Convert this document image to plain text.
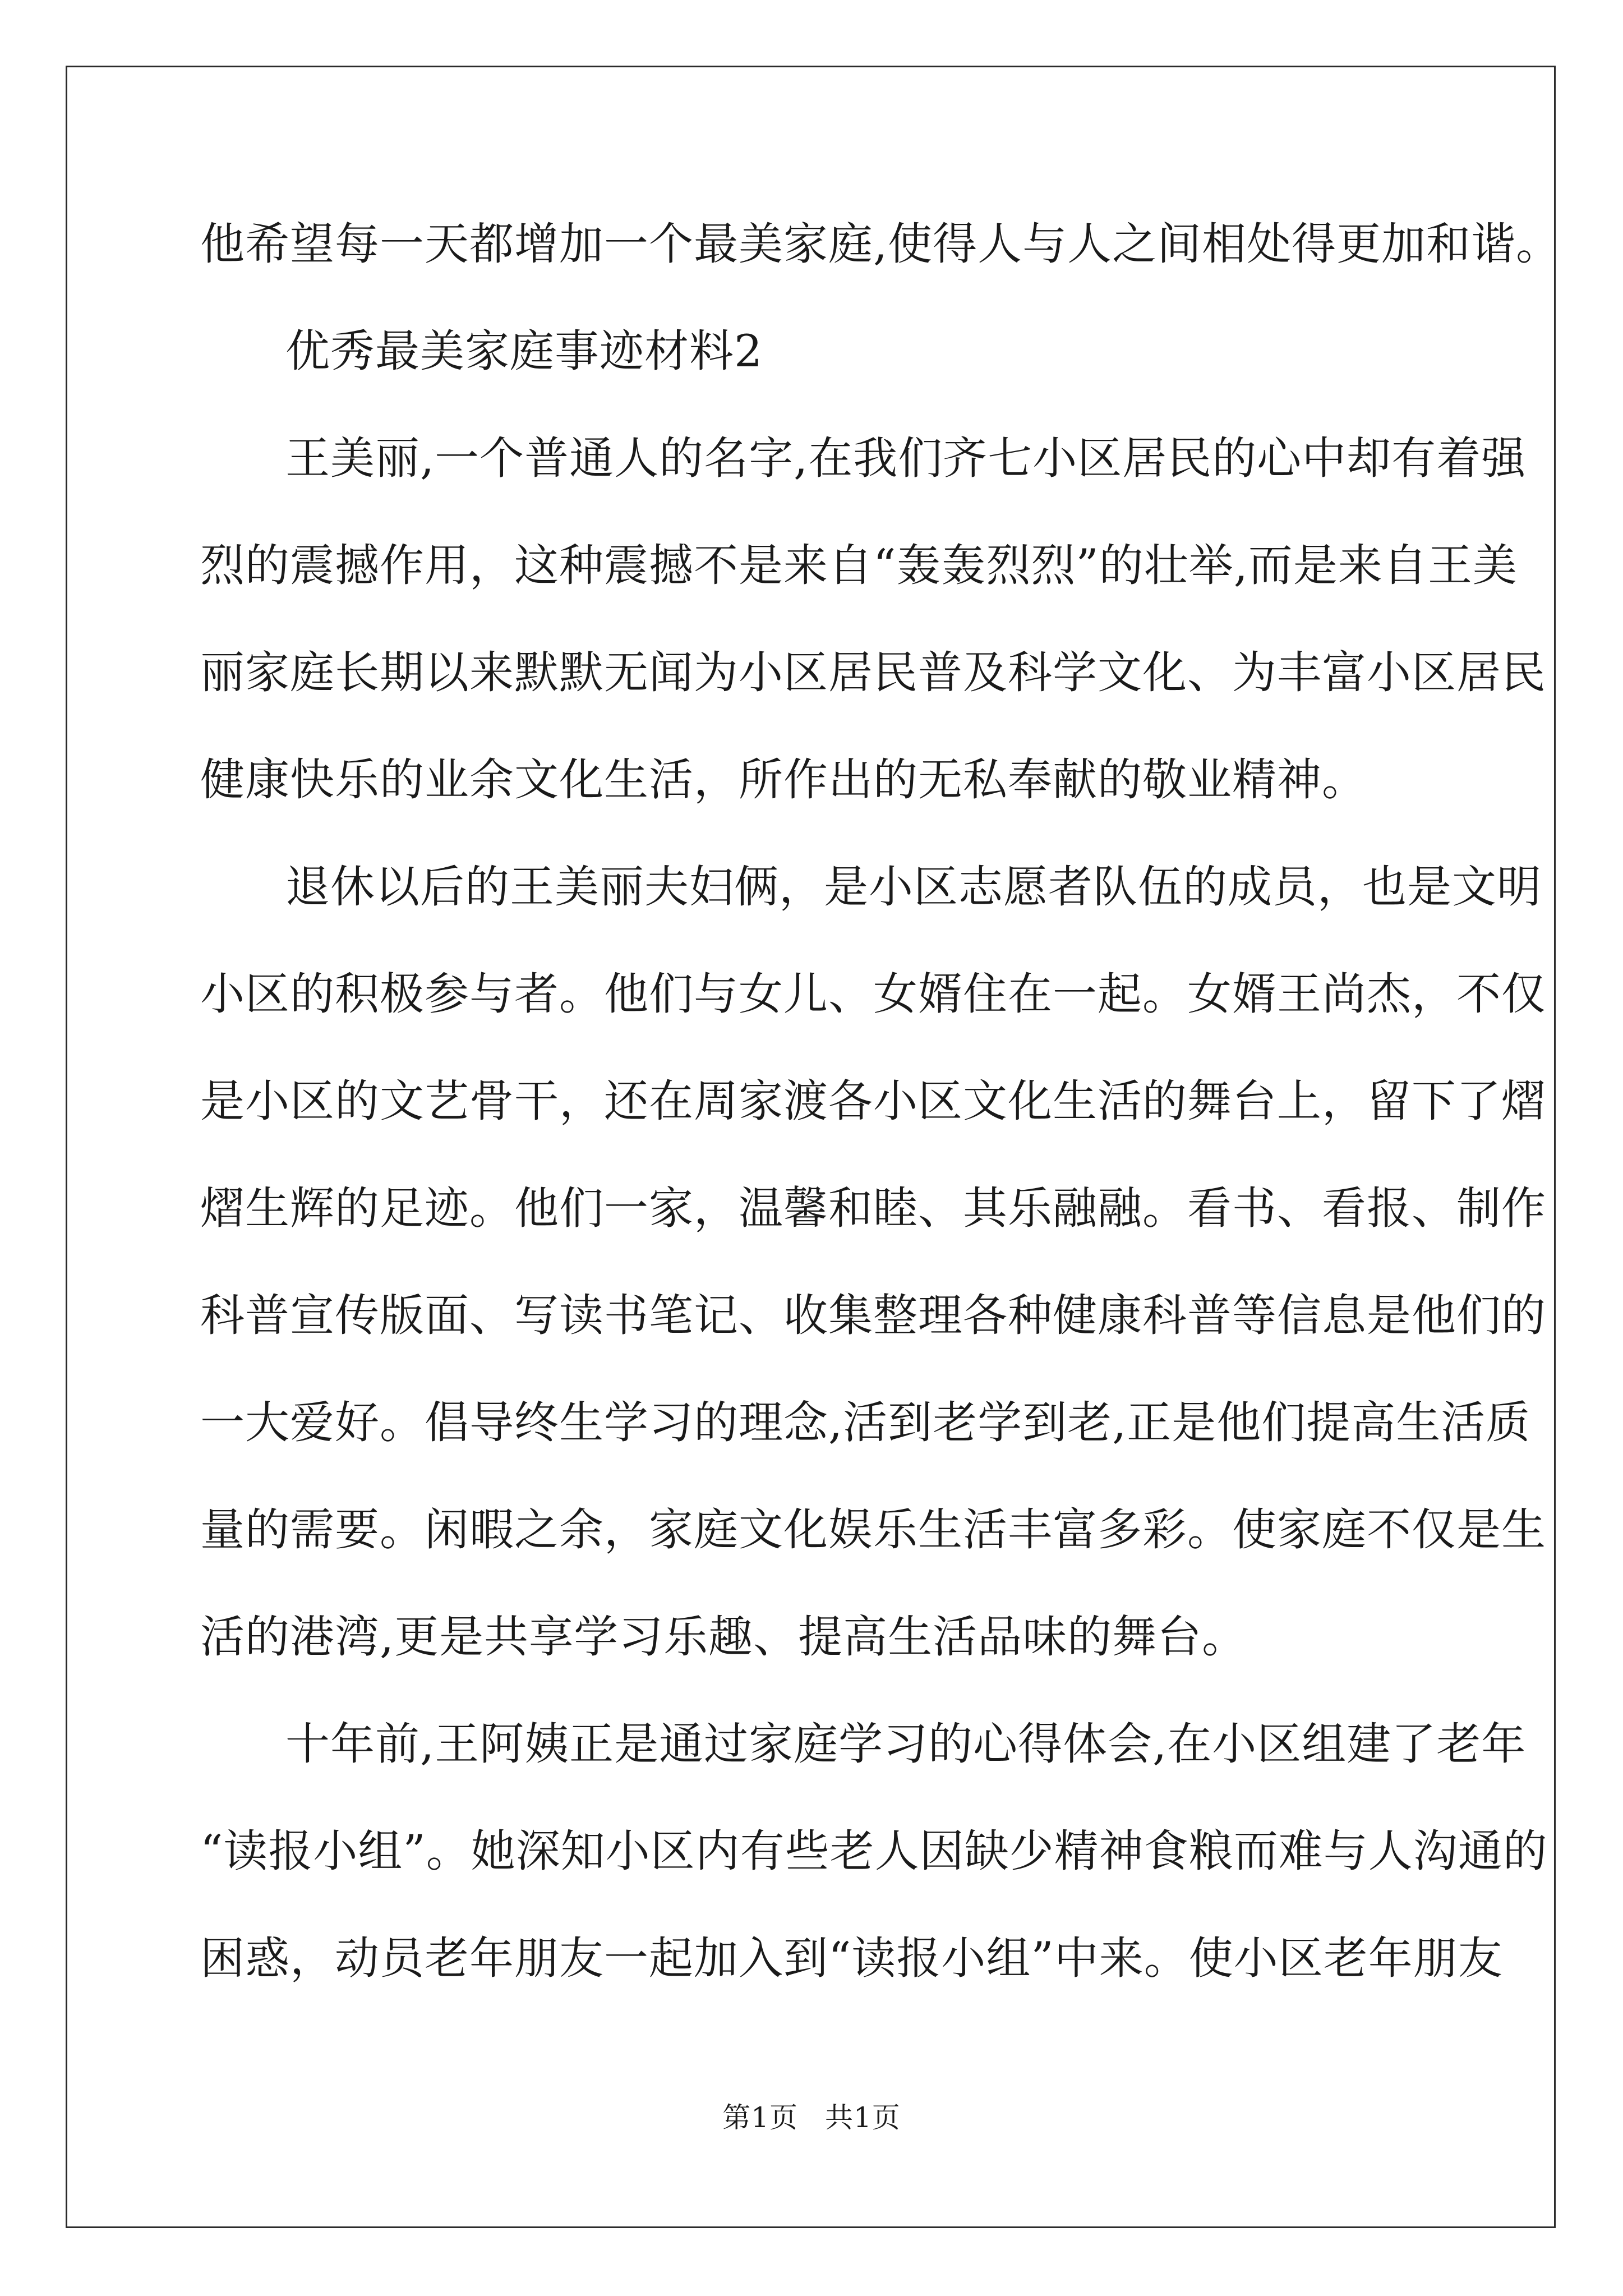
他希望每一天都增加一个最美家庭,使得人与人之间相处得更加和谐。
优秀最美家庭事迹材料2
王美丽,一个普通人的名字,在我们齐七小区居民的心中却有着强
烈的震撼作用，这种震撼不是来自“轰轰烈烈”的壮举,而是来自王美
丽家庭长期以来默默无闻为小区居民普及科学文化、为丰富小区居民
健康快乐的业余文化生活，所作出的无私奉献的敬业精神。
退休以后的王美丽夫妇俩，是小区志愿者队伍的成员，也是文明
小区的积极参与者。他们与女儿、女婿住在一起。女婿王尚杰，不仅
是小区的文艺骨干，还在周家渡各小区文化生活的舞台上，留下了熠
熠生辉的足迹。他们一家，温馨和睦、其乐融融。看书、看报、制作
科普宣传版面、写读书笔记、收集整理各种健康科普等信息是他们的
一大爱好。倡导终生学习的理念,活到老学到老,正是他们提高生活质
量的需要。闲暇之余，家庭文化娱乐生活丰富多彩。使家庭不仅是生
活的港湾,更是共享学习乐趣、提高生活品味的舞台。
十年前,王阿姨正是通过家庭学习的心得体会,在小区组建了老年
“读报小组”。她深知小区内有些老人因缺少精神食粮而难与人沟通的
困惑，动员老年朋友一起加入到“读报小组”中来。使小区老年朋友
第1页 共1页
